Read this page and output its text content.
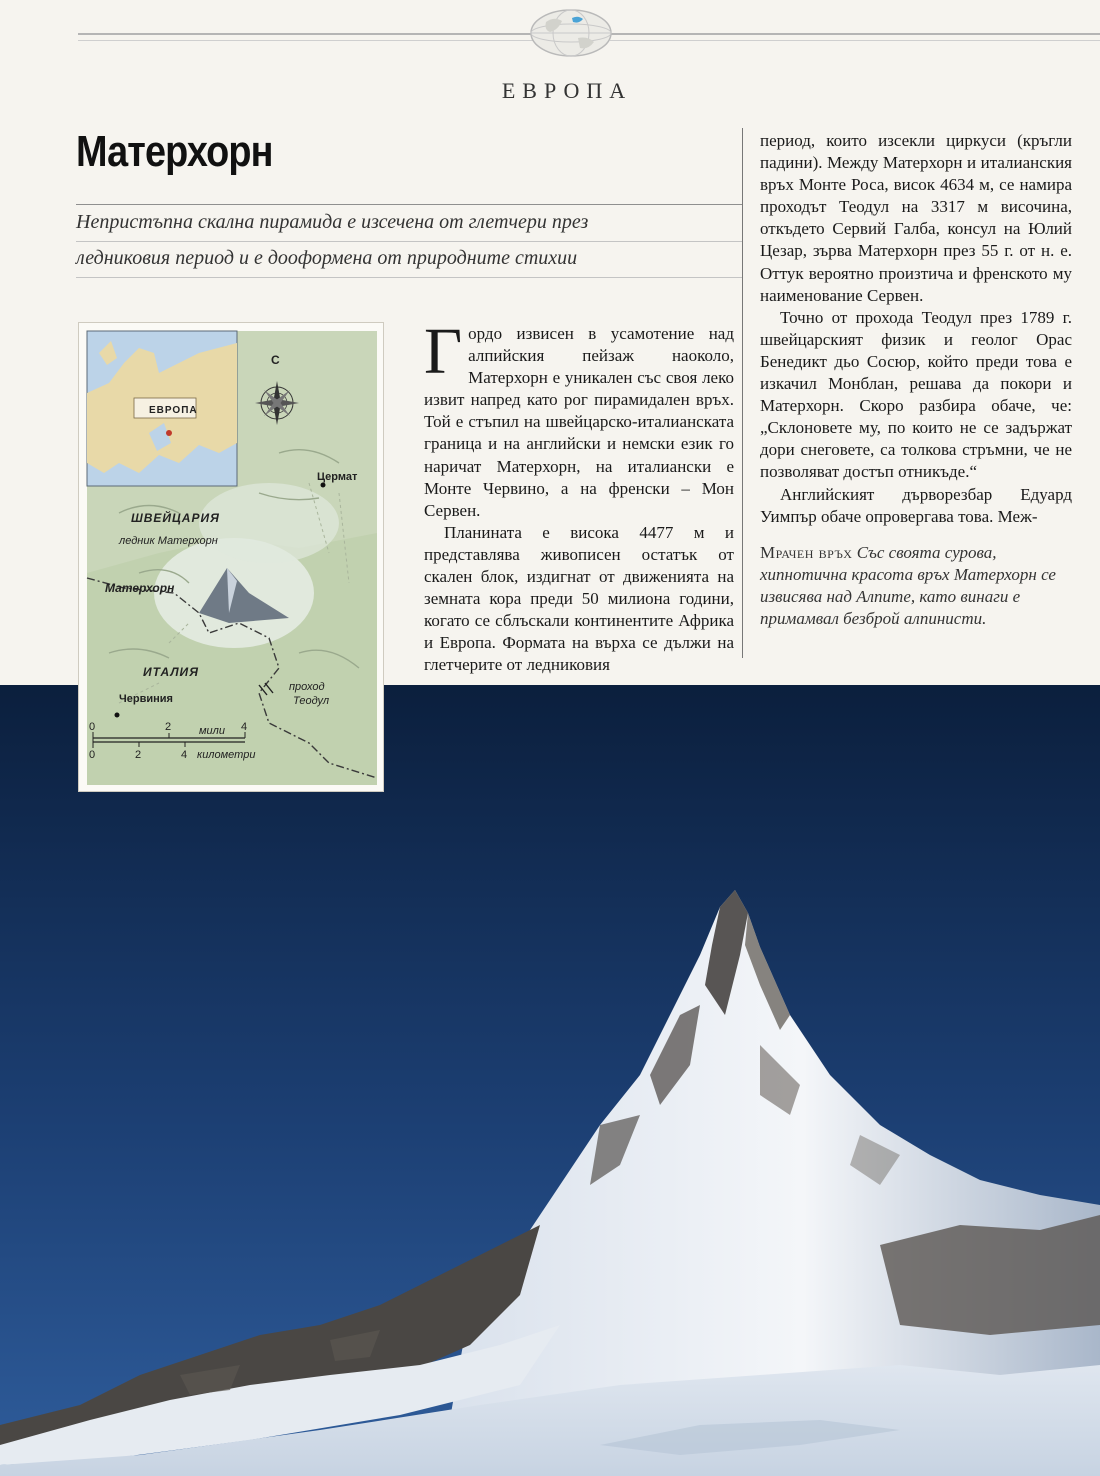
ЕВРОПА
Матерхорн
Непристъпна скална пирамида е изсечена от глетчери през
ледниковия период и е дооформена от природните стихии
Г ордо извисен в усамотение над алпийския пейзаж наоколо, Матерхорн е уникален със своя леко извит напред като рог пирамидален връх. Той е стъпил на швейцарско-италианската граница и на английски и немски език го наричат Матерхорн, на италиански е Монте Червино, а на френски – Мон Сервен.

Планината е висока 4477 м и представлява живописен остатък от скален блок, издигнат от движенията на земната кора преди 50 милиона години, когато се сблъскали континентите Африка и Европа. Формата на върха се дължи на глетчерите от ледниковия

период, които изсекли циркуси (кръгли падини). Между Матерхорн и италианския връх Монте Роса, висок 4634 м, се намира проходът Теодул на 3317 м височина, откъдето Сервий Галба, консул на Юлий Цезар, зърва Матерхорн през 55 г. от н. е. Оттук вероятно произтича и френското му наименование Сервен.

Точно от прохода Теодул през 1789 г. швейцарският физик и геолог Орас Бенедикт дьо Сосюр, който преди това е изкачил Монблан, решава да покори и Матерхорн. Скоро разбира обаче, че: „Склоновете му, по които не се задържат дори снеговете, са толкова стръмни, че не позволяват достъп отникъде.“

Английският дърворезбар Едуард Уимпър обаче опровергава това. Меж-

Мрачен връх Със своята сурова, хипнотична красота връх Матерхорн се извисява над Алпите, като винаги е примамвал безброй алпинисти.
ЕВРОПА
С
Цермат
ШВЕЙЦАРИЯ
ледник Матерхорн
Матерхорн
ИТАЛИЯ
Червиния
проход
Теодул
0	2	мили 4
0	2	4 километри
